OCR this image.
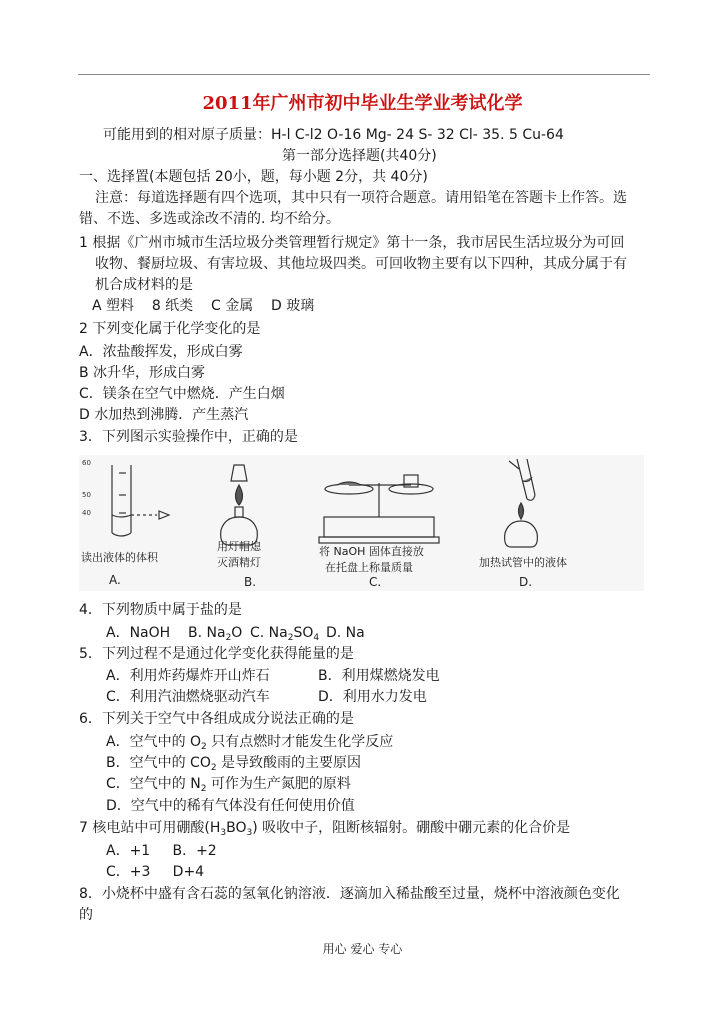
2011年广州市初中毕业生学业考试化学
可能用到的相对原子质量：H-l C-l2 O-16 Mg- 24 S- 32 Cl- 35. 5 Cu-64
第一部分选择题(共40分)
一、选择置(本题包括 20小，题，每小题 2分，共 40分)
注意：每道选择题有四个选项，其中只有一项符合题意。请用铅笔在答题卡上作答。选
错、不选、多选或涂改不清的. 均不给分。
1 根据《广州市城市生活垃圾分类管理暂行规定》第十一条，我市居民生活垃圾分为可回
收物、餐厨垃圾、有害垃圾、其他垃圾四类。可回收物主要有以下四种，其成分属于有
机合成材料的是
A 塑料    8 纸类    C 金属    D 玻璃
2 下列变化属于化学变化的是
A．浓盐酸挥发，形成白雾
B 冰升华，形成白雾
C．镁条在空气中燃烧．产生白烟
D 水加热到沸腾．产生蒸汽
3．下列图示实验操作中，正确的是
60
50
40
读出液体的体积
用灯帽熄
灭酒精灯
将 NaOH 固体直接放
在托盘上称量质量	加热试管中的液体
A.	B.	C.	D.
4．下列物质中属于盐的是
A．NaOH B. $Na_2O$ C. $Na_2SO_4$ D. Na
5．下列过程不是通过化学变化获得能量的是
A．利用炸药爆炸开山炸石	B．利用煤燃烧发电
C．利用汽油燃烧驱动汽车	D．利用水力发电
6．下列关于空气中各组成成分说法正确的是
A．空气中的 $O_2$ 只有点燃时才能发生化学反应
B．空气中的 $CO_2$ 是导致酸雨的主要原因
C．空气中的 $N_2$ 可作为生产氮肥的原料
D．空气中的稀有气体没有任何使用价值
7 核电站中可用硼酸$(H_3BO_3)$ 吸收中子，阻断核辐射。硼酸中硼元素的化合价是
A．+1     B．+2
C．+3     D+4
8．小烧杯中盛有含石蕊的氢氧化钠溶液．逐滴加入稀盐酸至过量，烧杯中溶液颜色变化
的
用心 爱心 专心
